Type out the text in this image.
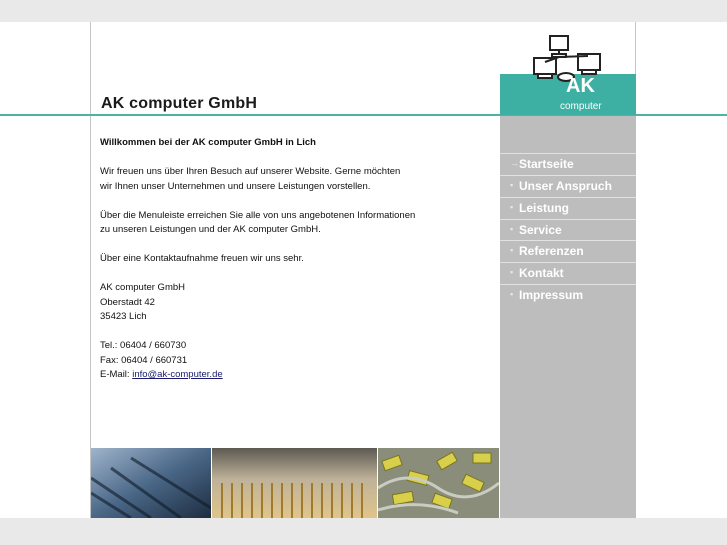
AK computer GmbH
AK
computer
→ Startseite
▪ Unser Anspruch
▪ Leistung
▪ Service
▪ Referenzen
▪ Kontakt
▪ Impressum

Willkommen bei der AK computer GmbH in Lich

Wir freuen uns über Ihren Besuch auf unserer Website. Gerne möchten

wir Ihnen unser Unternehmen und unsere Leistungen vorstellen.

Über die Menuleiste erreichen Sie alle von uns angebotenen Informationen

zu unseren Leistungen und der AK computer GmbH.

Über eine Kontaktaufnahme freuen wir uns sehr.

AK computer GmbH

Oberstadt 42

35423 Lich

Tel.: 06404 / 660730

Fax: 06404 / 660731

E-Mail: info@ak-computer.de
